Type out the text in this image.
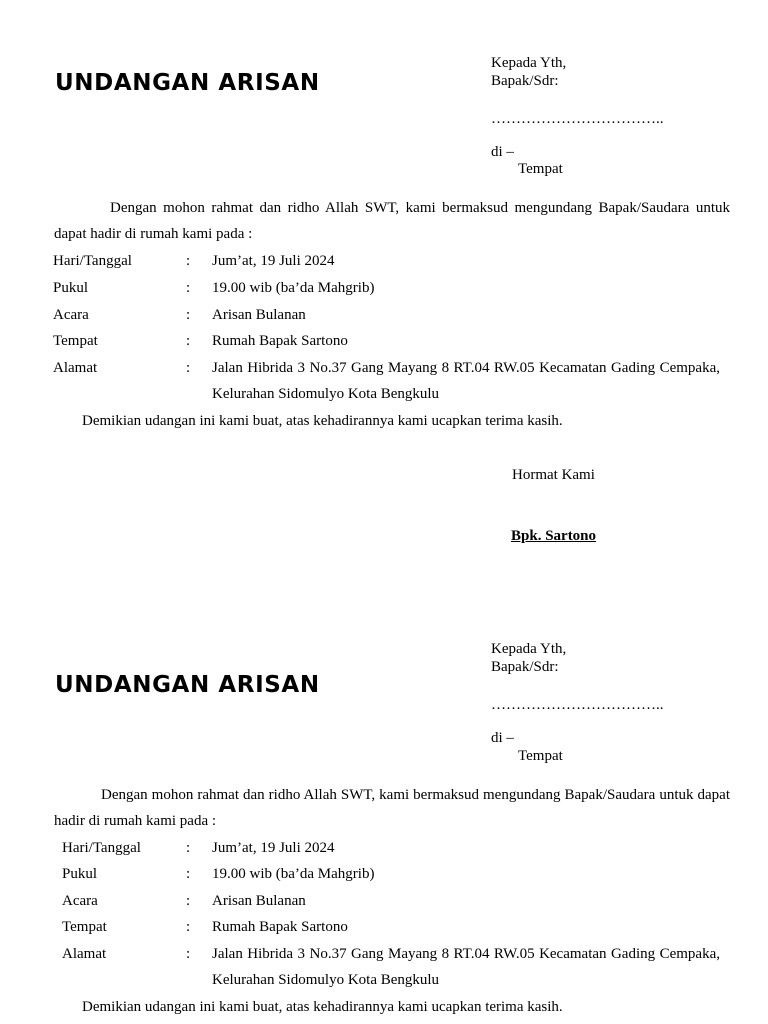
UNDANGAN ARISAN
Kepada Yth,
Bapak/Sdr:
……………………………..
di –
Tempat
Dengan mohon rahmat dan ridho Allah SWT, kami bermaksud mengundang Bapak/Saudara untuk dapat hadir di rumah kami pada :
Hari/Tanggal	: Jum’at, 19 Juli 2024
Pukul	: 19.00 wib (ba’da Mahgrib)
Acara	: Arisan Bulanan
Tempat	: Rumah Bapak Sartono
Alamat	: Jalan Hibrida 3 No.37 Gang Mayang 8 RT.04 RW.05 Kecamatan Gading Cempaka, Kelurahan Sidomulyo Kota Bengkulu
Demikian udangan ini kami buat, atas kehadirannya kami ucapkan terima kasih.
Hormat Kami
Bpk. Sartono
UNDANGAN ARISAN
Kepada Yth,
Bapak/Sdr:
……………………………..
di –
Tempat
Dengan mohon rahmat dan ridho Allah SWT, kami bermaksud mengundang Bapak/Saudara untuk dapat hadir di rumah kami pada :
Hari/Tanggal	: Jum’at, 19 Juli 2024
Pukul	: 19.00 wib (ba’da Mahgrib)
Acara	: Arisan Bulanan
Tempat	: Rumah Bapak Sartono
Alamat	: Jalan Hibrida 3 No.37 Gang Mayang 8 RT.04 RW.05 Kecamatan Gading Cempaka, Kelurahan Sidomulyo Kota Bengkulu
Demikian udangan ini kami buat, atas kehadirannya kami ucapkan terima kasih.
